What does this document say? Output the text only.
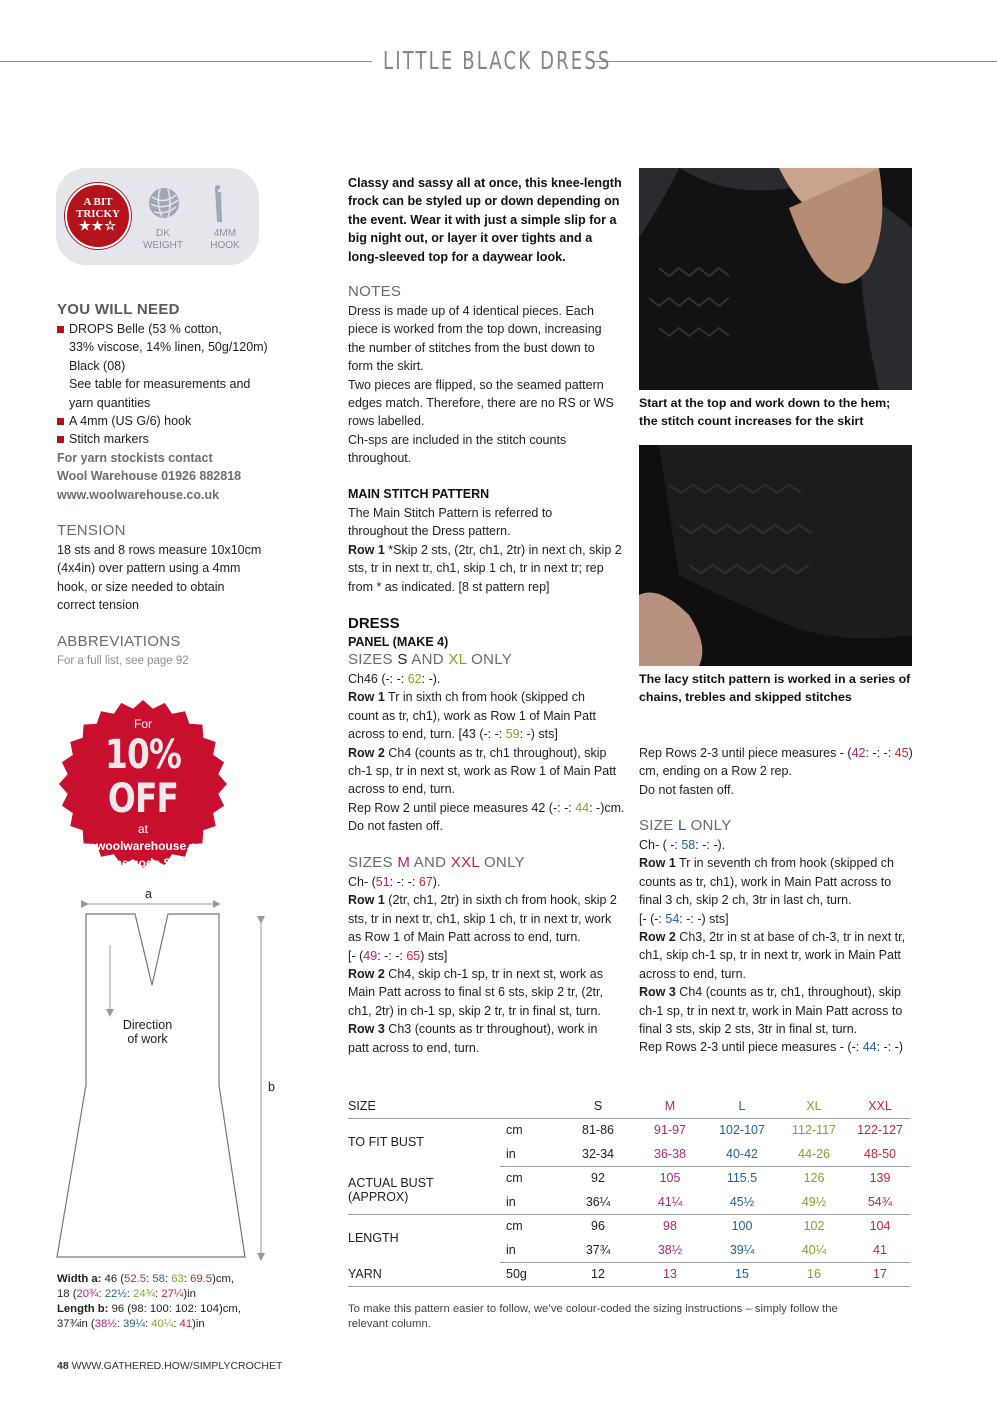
LITTLE BLACK DRESS
A BIT
TRICKY
★★☆
DK
WEIGHT
4MM
HOOK
YOU WILL NEED
DROPS Belle (53 % cotton,
33% viscose, 14% linen, 50g/120m)
Black (08)
See table for measurements and
yarn quantities
A 4mm (US G/6) hook
Stitch markers
For yarn stockists contact
Wool Warehouse 01926 882818
www.woolwarehouse.co.uk
TENSION
18 sts and 8 rows measure 10x10cm
(4x4in) over pattern using a 4mm
hook, or size needed to obtain
correct tension
ABBREVIATIONS
For a full list, see page 92
For
10% OFF
at
www.woolwarehouse.co.uk
use the code SC118
at the checkout
a
b
Direction
of work
Width a: 46 (52.5: 58: 63: 69.5)cm,
18 (20¾: 22½: 24¾: 27¼)in
Length b: 96 (98: 100: 102: 104)cm,
37¾in (38½: 39¼: 40¼: 41)in
Classy and sassy all at once, this knee-length
frock can be styled up or down depending on
the event. Wear it with just a simple slip for a
big night out, or layer it over tights and a
long-sleeved top for a daywear look.
NOTES
Dress is made up of 4 identical pieces. Each
piece is worked from the top down, increasing
the number of stitches from the bust down to
form the skirt.
Two pieces are flipped, so the seamed pattern
edges match. Therefore, there are no RS or WS
rows labelled.
Ch-sps are included in the stitch counts
throughout.
MAIN STITCH PATTERN
The Main Stitch Pattern is referred to
throughout the Dress pattern.
Row 1 *Skip 2 sts, (2tr, ch1, 2tr) in next ch, skip 2
sts, tr in next tr, ch1, skip 1 ch, tr in next tr; rep
from * as indicated. [8 st pattern rep]
DRESS
PANEL (MAKE 4)
SIZES S AND XL ONLY
Ch46 (-: -: 62: -).
Row 1 Tr in sixth ch from hook (skipped ch
count as tr, ch1), work as Row 1 of Main Patt
across to end, turn. [43 (-: -: 59: -) sts]
Row 2 Ch4 (counts as tr, ch1 throughout), skip
ch-1 sp, tr in next st, work as Row 1 of Main Patt
across to end, turn.
Rep Row 2 until piece measures 42 (-: -: 44: -)cm.
Do not fasten off.
SIZES M AND XXL ONLY
Ch- (51: -: -: 67).
Row 1 (2tr, ch1, 2tr) in sixth ch from hook, skip 2
sts, tr in next tr, ch1, skip 1 ch, tr in next tr, work
as Row 1 of Main Patt across to end, turn.
[- (49: -: -: 65) sts]
Row 2 Ch4, skip ch-1 sp, tr in next st, work as
Main Patt across to final st 6 sts, skip 2 tr, (2tr,
ch1, 2tr) in ch-1 sp, skip 2 tr, tr in final st, turn.
Row 3 Ch3 (counts as tr throughout), work in
patt across to end, turn.
Start at the top and work down to the hem;
the stitch count increases for the skirt
The lacy stitch pattern is worked in a series of
chains, trebles and skipped stitches
Rep Rows 2-3 until piece measures - (42: -: -: 45)
cm, ending on a Row 2 rep.
Do not fasten off.
SIZE L ONLY
Ch- ( -: 58: -: -).
Row 1 Tr in seventh ch from hook (skipped ch
counts as tr, ch1), work in Main Patt across to
final 3 ch, skip 2 ch, 3tr in last ch, turn.
[- (-: 54: -: -) sts]
Row 2 Ch3, 2tr in st at base of ch-3, tr in next tr,
ch1, skip ch-1 sp, tr in next tr, work in Main Patt
across to end, turn.
Row 3 Ch4 (counts as tr, ch1, throughout), skip
ch-1 sp, tr in next tr, work in Main Patt across to
final 3 sts, skip 2 sts, 3tr in final st, turn.
Rep Rows 2-3 until piece measures - (-: 44: -: -)
SIZE		S	M	L	XL	XXL
TO FIT BUST	cm	81-86	91-97	102-107	112-117	122-127
	in	32-34	36-38	40-42	44-26	48-50
ACTUAL BUST	cm	92	105	115.5	126	139
(APPROX)	in	36¼	41¼	45½	49½	54¾
LENGTH	cm	96	98	100	102	104
	in	37¾	38½	39¼	40¼	41
YARN	50g	12	13	15	16	17
To make this pattern easier to follow, we’ve colour-coded the sizing instructions – simply follow the
relevant column.
48 WWW.GATHERED.HOW/SIMPLYCROCHET
